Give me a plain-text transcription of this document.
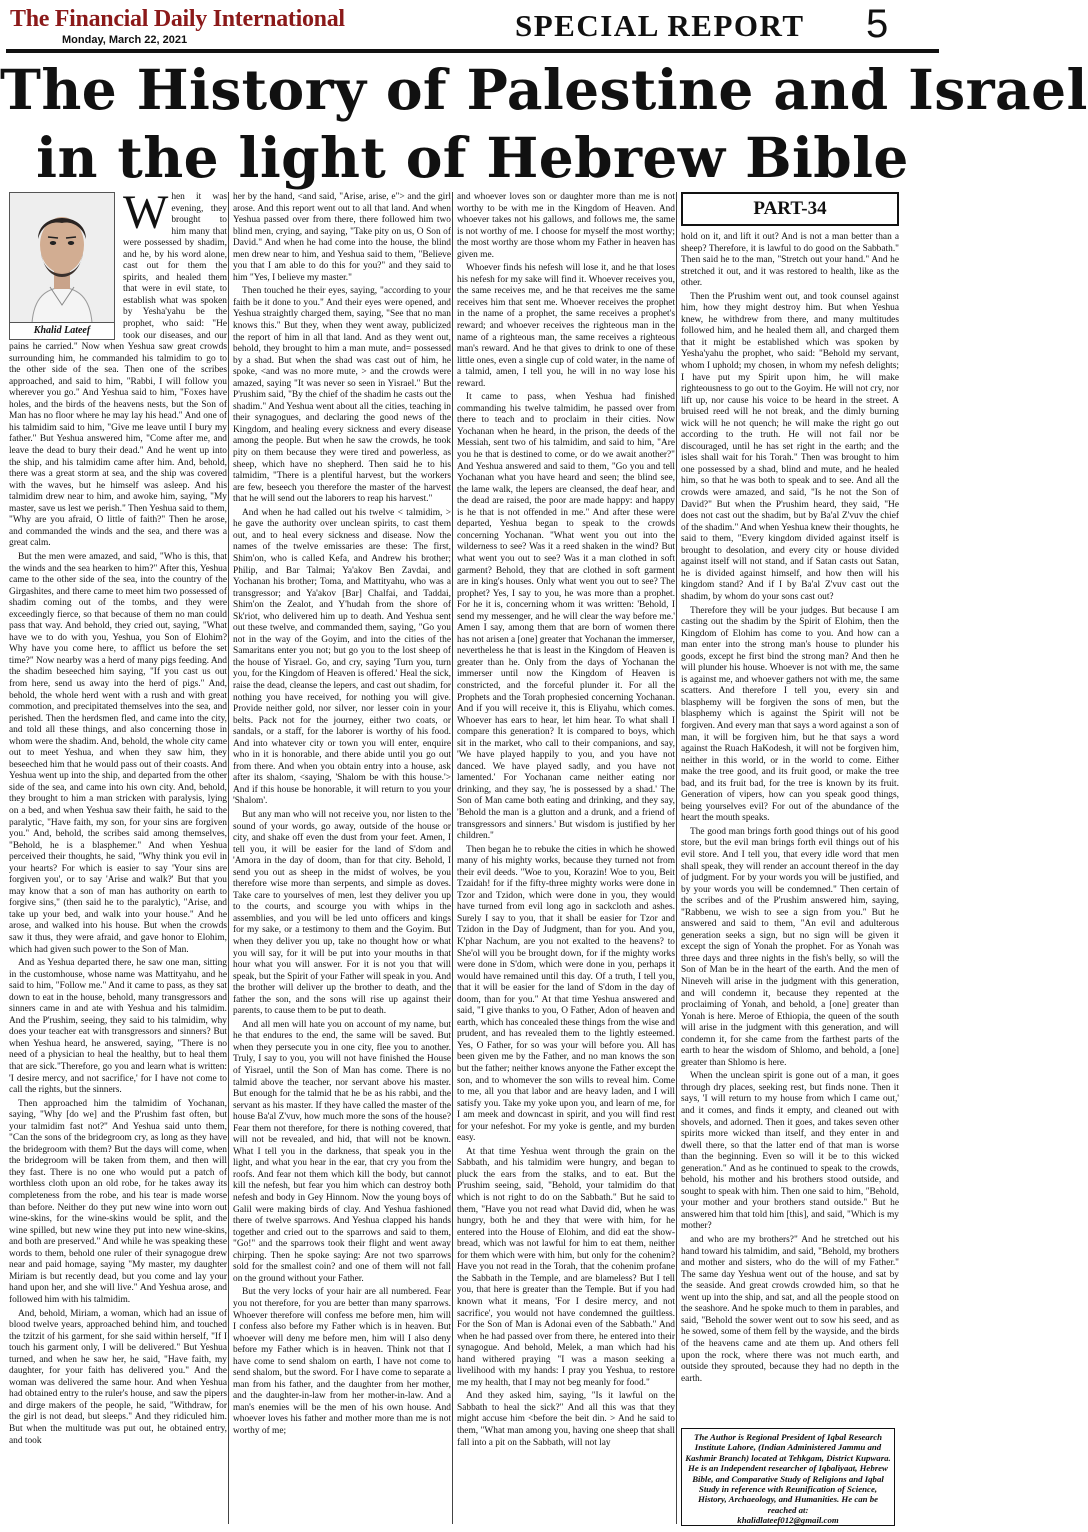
The Financial Daily International
Monday, March 22, 2021	SPECIAL REPORT 5
The History of Palestine and Israel
in the light of Hebrew Bible
Khalid Lateef

When it was evening, they brought to him many that were possessed by shadim, and he, by his word alone, cast out for them the spirits, and healed them that were in evil state, to establish what was spoken by Yesha'yahu be the prophet, who said: "He took our diseases, and our pains he carried." Now when Yeshua saw great crowds surrounding him, he commanded his talmidim to go to the other side of the sea. Then one of the scribes approached, and said to him, "Rabbi, I will follow you wherever you go." And Yeshua said to him, "Foxes have holes, and the birds of the heavens nests, but the Son of Man has no floor where he may lay his head." And one of his talmidim said to him, "Give me leave until I bury my father." But Yeshua answered him, "Come after me, and leave the dead to bury their dead." And he went up into the ship, and his talmidim came after him. And, behold, there was a great storm at sea, and the ship was covered with the waves, but he himself was asleep. And his talmidim drew near to him, and awoke him, saying, "My master, save us lest we perish." Then Yeshua said to them, "Why are you afraid, O little of faith?" Then he arose, and commanded the winds and the sea, and there was a great calm.

But the men were amazed, and said, "Who is this, that the winds and the sea hearken to him?" After this, Yeshua came to the other side of the sea, into the country of the Girgashites, and there came to meet him two possessed of shadim coming out of the tombs, and they were exceedingly fierce, so that because of them no man could pass that way. And behold, they cried out, saying, "What have we to do with you, Yeshua, you Son of Elohim? Why have you come here, to afflict us before the set time?" Now nearby was a herd of many pigs feeding. And the shadim beseeched him saying, "If you cast us out from here, send us away into the herd of pigs." And, behold, the whole herd went with a rush and with great commotion, and precipitated themselves into the sea, and perished. Then the herdsmen fled, and came into the city, and told all these things, and also concerning those in whom were the shadim. And, behold, the whole city came out to meet Yeshua, and when they saw him, they beseeched him that he would pass out of their coasts. And Yeshua went up into the ship, and departed from the other side of the sea, and came into his own city. And, behold, they brought to him a man stricken with paralysis, lying on a bed, and when Yeshua saw their faith, he said to the paralytic, "Have faith, my son, for your sins are forgiven you." And, behold, the scribes said among themselves, "Behold, he is a blasphemer." And when Yeshua perceived their thoughts, he said, "Why think you evil in your hearts? For which is easier to say 'Your sins are forgiven you', or to say 'Arise and walk?' But that you may know that a son of man has authority on earth to forgive sins," (then said he to the paralytic), "Arise, and take up your bed, and walk into your house." And he arose, and walked into his house. But when the crowds saw it thus, they were afraid, and gave honor to Elohim, which had given such power to the Son of Man.

And as Yeshua departed there, he saw one man, sitting in the customhouse, whose name was Mattityahu, and he said to him, "Follow me." And it came to pass, as they sat down to eat in the house, behold, many transgressors and sinners came in and ate with Yeshua and his talmidim. And the P'rushim, seeing, they said to his talmidim, why does your teacher eat with transgressors and sinners? But when Yeshua heard, he answered, saying, "There is no need of a physician to heal the healthy, but to heal them that are sick."Therefore, go you and learn what is written: 'I desire mercy, and not sacrifice,' for I have not come to call the rights, but the sinners.

Then approached him the talmidim of Yochanan, saying, "Why [do we] and the P'rushim fast often, but your talmidim fast not?" And Yeshua said unto them, "Can the sons of the bridegroom cry, as long as they have the bridegroom with them? But the days will come, when the bridegroom will be taken from them, and then will they fast. There is no one who would put a patch of worthless cloth upon an old robe, for he takes away its completeness from the robe, and his tear is made worse than before. Neither do they put new wine into worn out wine-skins, for the wine-skins would be split, and the wine spilled, but new wine they put into new wine-skins, and both are preserved." And while he was speaking these words to them, behold one ruler of their synagogue drew near and paid homage, saying "My master, my daughter Miriam is but recently dead, but you come and lay your hand upon her, and she will live." And Yeshua arose, and followed him with his talmidim.

And, behold, Miriam, a woman, which had an issue of blood twelve years, approached behind him, and touched the tzitzit of his garment, for she said within herself, "If I touch his garment only, I will be delivered." But Yeshua turned, and when he saw her, he said, "Have faith, my daughter, for your faith has delivered you." And the woman was delivered the same hour. And when Yeshua had obtained entry to the ruler's house, and saw the pipers and dirge makers of the people, he said, "Withdraw, for the girl is not dead, but sleeps." And they ridiculed him. But when the multitude was put out, he obtained entry, and took

her by the hand, <and said, "Arise, arise, e"> and the girl arose. And this report went out to all that land. And when Yeshua passed over from there, there followed him two blind men, crying, and saying, "Take pity on us, O Son of David." And when he had come into the house, the blind men drew near to him, and Yeshua said to them, "Believe you that I am able to do this for you?" and they said to him "Yes, I believe my master."

Then touched he their eyes, saying, "according to your faith be it done to you." And their eyes were opened, and Yeshua straightly charged them, saying, "See that no man knows this." But they, when they went away, publicized the report of him in all that land. And as they went out, behold, they brought to him a man mute, and= possessed by a shad. But when the shad was cast out of him, he spoke, <and was no more mute, > and the crowds were amazed, saying "It was never so seen in Yisrael." But the P'rushim said, "By the chief of the shadim he casts out the shadim." And Yeshua went about all the cities, teaching in their synagogues, and declaring the good news of the Kingdom, and healing every sickness and every disease among the people. But when he saw the crowds, he took pity on them because they were tired and powerless, as sheep, which have no shepherd. Then said he to his talmidim, "There is a plentiful harvest, but the workers are few, beseech you therefore the master of the harvest that he will send out the laborers to reap his harvest."

And when he had called out his twelve < talmidim, > he gave the authority over unclean spirits, to cast them out, and to heal every sickness and disease. Now the names of the twelve emissaries are these: The first, Shim'on, who is called Kefa, and Andrew his brother; Philip, and Bar Talmai; Ya'akov Ben Zavdai, and Yochanan his brother; Toma, and Mattityahu, who was a transgressor; and Ya'akov [Bar] Chalfai, and Taddai, Shim'on the Zealot, and Y'hudah from the shore of Sk'riot, who delivered him up to death. And Yeshua sent out these twelve, and commanded them, saying, "Go you not in the way of the Goyim, and into the cities of the Samaritans enter you not; but go you to the lost sheep of the house of Yisrael. Go, and cry, saying 'Turn you, turn you, for the Kingdom of Heaven is offered.' Heal the sick, raise the dead, cleanse the lepers, and cast out shadim, for nothing you have received, for nothing you will give. Provide neither gold, nor silver, nor lesser coin in your belts. Pack not for the journey, either two coats, or sandals, or a staff, for the laborer is worthy of his food. And into whatever city or town you will enter, enquire who in it is honorable, and there abide until you go out from there. And when you obtain entry into a house, ask after its shalom, <saying, 'Shalom be with this house.'> And if this house be honorable, it will return to you your 'Shalom'.

But any man who will not receive you, nor listen to the sound of your words, go away, outside of the house or city, and shake off even the dust from your feet. Amen, I tell you, it will be easier for the land of S'dom and 'Amora in the day of doom, than for that city. Behold, I send you out as sheep in the midst of wolves, be you therefore wise more than serpents, and simple as doves. Take care to yourselves of men, lest they deliver you up to the courts, and scourge you with whips in the assemblies, and you will be led unto officers and kings for my sake, or a testimony to them and the Goyim. But when they deliver you up, take no thought how or what you will say, for it will be put into your mouths in that hour what you will answer. For it is not you that will speak, but the Spirit of your Father will speak in you. And the brother will deliver up the brother to death, and the father the son, and the sons will rise up against their parents, to cause them to be put to death.

And all men will hate you on account of my name, but he that endures to the end, the same will be saved. But when they persecute you in one city, flee you to another. Truly, I say to you, you will not have finished the House of Yisrael, until the Son of Man has come. There is no talmid above the teacher, nor servant above his master. But enough for the talmid that he be as his rabbi, and the servant as his master. If they have called the master of the house Ba'al Z'vuv, how much more the sons of the house? Fear them not therefore, for there is nothing covered, that will not be revealed, and hid, that will not be known. What I tell you in the darkness, that speak you in the light, and what you hear in the ear, that cry you from the roofs. And fear not them which kill the body, but cannot kill the nefesh, but fear you him which can destroy both nefesh and body in Gey Hinnom. Now the young boys of Galil were making birds of clay. And Yeshua fashioned there of twelve sparrows. And Yeshua clapped his hands together and cried out to the sparrows and said to them, "Go!" and the sparrows took their flight and went away chirping. Then he spoke saying: Are not two sparrows sold for the smallest coin? and one of them will not fall on the ground without your Father.

But the very locks of your hair are all numbered. Fear you not therefore, for you are better than many sparrows. Whoever therefore will confess me before men, him will I confess also before my Father which is in heaven. But whoever will deny me before men, him will I also deny before my Father which is in heaven. Think not that I have come to send shalom on earth, I have not come to send shalom, but the sword. For I have come to separate a man from his father, and the daughter from her mother, and the daughter-in-law from her mother-in-law. And a man's enemies will be the men of his own house. And whoever loves his father and mother more than me is not worthy of me;

and whoever loves son or daughter more than me is not worthy to be with me in the Kingdom of Heaven. And whoever takes not his gallows, and follows me, the same is not worthy of me. I choose for myself the most worthy; the most worthy are those whom my Father in heaven has given me.

Whoever finds his nefesh will lose it, and he that loses his nefesh for my sake will find it. Whoever receives you, the same receives me, and he that receives me the same receives him that sent me. Whoever receives the prophet in the name of a prophet, the same receives a prophet's reward; and whoever receives the righteous man in the name of a righteous man, the same receives a righteous man's reward. And he that gives to drink to one of these little ones, even a single cup of cold water, in the name of a talmid, amen, I tell you, he will in no way lose his reward.

It came to pass, when Yeshua had finished commanding his twelve talmidim, he passed over from there to teach and to proclaim in their cities. Now Yochanan when he heard, in the prison, the deeds of the Messiah, sent two of his talmidim, and said to him, "Are you he that is destined to come, or do we await another?" And Yeshua answered and said to them, "Go you and tell Yochanan what you have heard and seen; the blind see, the lame walk, the lepers are cleansed, the deaf hear, and the dead are raised, the poor are made happy: and happy is he that is not offended in me." And after these were departed, Yeshua began to speak to the crowds concerning Yochanan. "What went you out into the wilderness to see? Was it a reed shaken in the wind? But what went you out to see? Was it a man clothed in soft garment? Behold, they that are clothed in soft garment are in king's houses. Only what went you out to see? The prophet? Yes, I say to you, he was more than a prophet. For he it is, concerning whom it was written: 'Behold, I send my messenger, and he will clear the way before me.' Amen I say, among them that are born of women there has not arisen a [one] greater that Yochanan the immerser, nevertheless he that is least in the Kingdom of Heaven is greater than he. Only from the days of Yochanan the immerser until now the Kingdom of Heaven is constricted, and the forceful plunder it. For all the Prophets and the Torah prophesied concerning Yochanan. And if you will receive it, this is Eliyahu, which comes. Whoever has ears to hear, let him hear. To what shall I compare this generation? It is compared to boys, which sit in the market, who call to their companions, and say, 'We have played happily to you, and you have not danced. We have played sadly, and you have not lamented.' For Yochanan came neither eating nor drinking, and they say, 'he is possessed by a shad.' The Son of Man came both eating and drinking, and they say, 'Behold the man is a glutton and a drunk, and a friend of transgressors and sinners.' But wisdom is justified by her children."

Then began he to rebuke the cities in which he showed many of his mighty works, because they turned not from their evil deeds. "Woe to you, Korazin! Woe to you, Beit Tzaidah! for if the fifty-three mighty works were done in Tzor and Tzidon, which were done in you, they would have turned from evil long ago in sackcloth and ashes. Surely I say to you, that it shall be easier for Tzor and Tzidon in the Day of Judgment, than for you. And you, K'phar Nachum, are you not exalted to the heavens? to She'ol will you be brought down, for if the mighty works were done in S'dom, which were done in you, perhaps it would have remained until this day. Of a truth, I tell you, that it will be easier for the land of S'dom in the day of doom, than for you." At that time Yeshua answered and said, "I give thanks to you, O Father, Adon of heaven and earth, which has concealed these things from the wise and prudent, and has revealed them to the lightly esteemed. Yes, O Father, for so was your will before you. All has been given me by the Father, and no man knows the son but the father; neither knows anyone the Father except the son, and to whomever the son wills to reveal him. Come to me, all you that labor and are heavy laden, and I will satisfy you. Take my yoke upon you, and learn of me, for I am meek and downcast in spirit, and you will find rest for your nefeshot. For my yoke is gentle, and my burden easy.

At that time Yeshua went through the grain on the Sabbath, and his talmidim were hungry, and began to pluck the ears from the stalks, and to eat. But the P'rushim seeing, said, "Behold, your talmidim do that which is not right to do on the Sabbath." But he said to them, "Have you not read what David did, when he was hungry, both he and they that were with him, for he entered into the House of Elohim, and did eat the show-bread, which was not lawful for him to eat them, neither for them which were with him, but only for the cohenim? Have you not read in the Torah, that the cohenim profane the Sabbath in the Temple, and are blameless? But I tell you, that here is greater than the Temple. But if you had known what it means, 'For I desire mercy, and not sacrifice', you would not have condemned the guiltless. For the Son of Man is Adonai even of the Sabbath." And when he had passed over from there, he entered into their synagogue. And behold, Melek, a man which had his hand withered praying "I was a mason seeking a livelihood with my hands: I pray you Yeshua, to restore me my health, that I may not beg meanly for food."

And they asked him, saying, "Is it lawful on the Sabbath to heal the sick?" And all this was that they might accuse him <before the beit din. > And he said to them, "What man among you, having one sheep that shall fall into a pit on the Sabbath, will not lay

PART-34

hold on it, and lift it out? And is not a man better than a sheep? Therefore, it is lawful to do good on the Sabbath." Then said he to the man, "Stretch out your hand." And he stretched it out, and it was restored to health, like as the other.

Then the P'rushim went out, and took counsel against him, how they might destroy him. But when Yeshua knew, he withdrew from there, and many multitudes followed him, and he healed them all, and charged them that it might be established which was spoken by Yesha'yahu the prophet, who said: "Behold my servant, whom I uphold; my chosen, in whom my nefesh delights; I have put my Spirit upon him, he will make righteousness to go out to the Goyim. He will not cry, nor lift up, nor cause his voice to be heard in the street. A bruised reed will he not break, and the dimly burning wick will he not quench; he will make the right go out according to the truth. He will not fail nor be discouraged, until he has set right in the earth; and the isles shall wait for his Torah." Then was brought to him one possessed by a shad, blind and mute, and he healed him, so that he was both to speak and to see. And all the crowds were amazed, and said, "Is he not the Son of David?" But when the P'rushim heard, they said, "He does not cast out the shadim, but by Ba'al Z'vuv the chief of the shadim." And when Yeshua knew their thoughts, he said to them, "Every kingdom divided against itself is brought to desolation, and every city or house divided against itself will not stand, and if Satan casts out Satan, he is divided against himself, and how then will his kingdom stand? And if I by Ba'al Z'vuv cast out the shadim, by whom do your sons cast out?

Therefore they will be your judges. But because I am casting out the shadim by the Spirit of Elohim, then the Kingdom of Elohim has come to you. And how can a man enter into the strong man's house to plunder his goods, except he first bind the strong man? And then he will plunder his house. Whoever is not with me, the same is against me, and whoever gathers not with me, the same scatters. And therefore I tell you, every sin and blasphemy will be forgiven the sons of men, but the blasphemy which is against the Spirit will not be forgiven. And every man that says a word against a son of man, it will be forgiven him, but he that says a word against the Ruach HaKodesh, it will not be forgiven him, neither in this world, or in the world to come. Either make the tree good, and its fruit good, or make the tree bad, and its fruit bad, for the tree is known by its fruit. Generation of vipers, how can you speak good things, being yourselves evil? For out of the abundance of the heart the mouth speaks.

The good man brings forth good things out of his good store, but the evil man brings forth evil things out of his evil store. And I tell you, that every idle word that men shall speak, they will render an account thereof in the day of judgment. For by your words you will be justified, and by your words you will be condemned." Then certain of the scribes and of the P'rushim answered him, saying, "Rabbenu, we wish to see a sign from you." But he answered and said to them, "An evil and adulterous generation seeks a sign, but no sign will be given it except the sign of Yonah the prophet. For as Yonah was three days and three nights in the fish's belly, so will the Son of Man be in the heart of the earth. And the men of Nineveh will arise in the judgment with this generation, and will condemn it, because they repented at the proclaiming of Yonah, and behold, a [one] greater than Yonah is here. Meroe of Ethiopia, the queen of the south will arise in the judgment with this generation, and will condemn it, for she came from the farthest parts of the earth to hear the wisdom of Shlomo, and behold, a [one] greater than Shlomo is here.

When the unclean spirit is gone out of a man, it goes through dry places, seeking rest, but finds none. Then it says, 'I will return to my house from which I came out,' and it comes, and finds it empty, and cleaned out with shovels, and adorned. Then it goes, and takes seven other spirits more wicked than itself, and they enter in and dwell there, so that the latter end of that man is worse than the beginning. Even so will it be to this wicked generation." And as he continued to speak to the crowds, behold, his mother and his brothers stood outside, and sought to speak with him. Then one said to him, "Behold, your mother and your brothers stand outside." But he answered him that told him [this], and said, "Which is my mother?

and who are my brothers?" And he stretched out his hand toward his talmidim, and said, "Behold, my brothers and mother and sisters, who do the will of my Father." The same day Yeshua went out of the house, and sat by the seaside. And great crowds crowded him, so that he went up into the ship, and sat, and all the people stood on the seashore. And he spoke much to them in parables, and said, "Behold the sower went out to sow his seed, and as he sowed, some of them fell by the wayside, and the birds of the heavens came and ate them up. And others fell upon the rock, where there was not much earth, and outside they sprouted, because they had no depth in the earth.

The Author is Regional President of Iqbal Research Institute Lahore, (Indian Administered Jammu and Kashmir Branch) located at Tehkgam, District Kupwara. He is an Independent researcher of Iqbaliyaat, Hebrew Bible, and Comparative Study of Religions and Iqbal Study in reference with Reunification of Science, History, Archaeology, and Humanities. He can be reached at:
khalidlateef012@gmail.com
